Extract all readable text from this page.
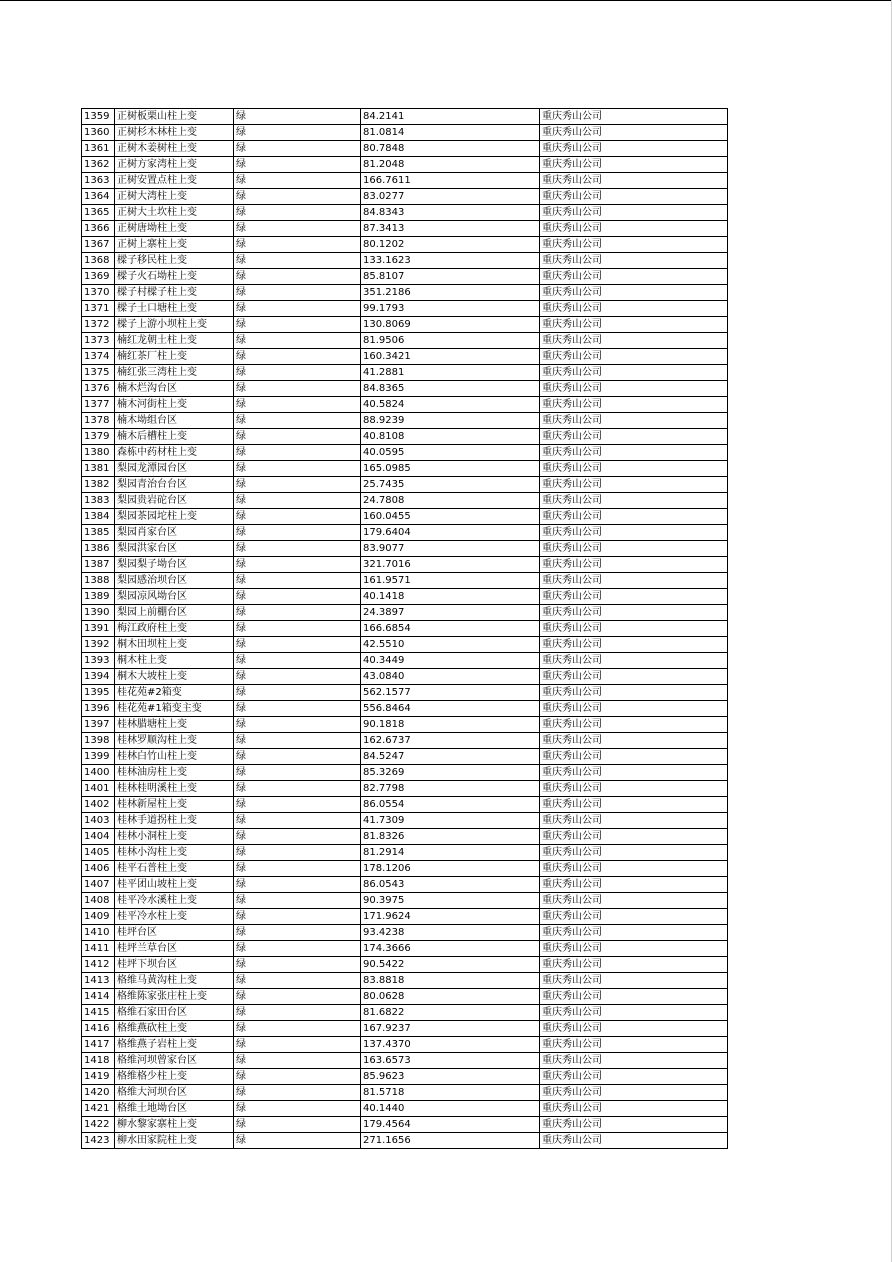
1359	正树板栗山柱上变	绿	84.2141	重庆秀山公司
1360	正树杉木林柱上变	绿	81.0814	重庆秀山公司
1361	正树木姜树柱上变	绿	80.7848	重庆秀山公司
1362	正树方家湾柱上变	绿	81.2048	重庆秀山公司
1363	正树安置点柱上变	绿	166.7611	重庆秀山公司
1364	正树大湾柱上变	绿	83.0277	重庆秀山公司
1365	正树大土坎柱上变	绿	84.8343	重庆秀山公司
1366	正树唐坳柱上变	绿	87.3413	重庆秀山公司
1367	正树上寨柱上变	绿	80.1202	重庆秀山公司
1368	樑子移民柱上变	绿	133.1623	重庆秀山公司
1369	樑子火石坳柱上变	绿	85.8107	重庆秀山公司
1370	樑子村樑子柱上变	绿	351.2186	重庆秀山公司
1371	樑子土口塘柱上变	绿	99.1793	重庆秀山公司
1372	樑子上游小坝柱上变	绿	130.8069	重庆秀山公司
1373	楠红龙朝土柱上变	绿	81.9506	重庆秀山公司
1374	楠红茶厂柱上变	绿	160.3421	重庆秀山公司
1375	楠红张三湾柱上变	绿	41.2881	重庆秀山公司
1376	楠木烂沟台区	绿	84.8365	重庆秀山公司
1377	楠木河街柱上变	绿	40.5824	重庆秀山公司
1378	楠木坳组台区	绿	88.9239	重庆秀山公司
1379	楠木后槽柱上变	绿	40.8108	重庆秀山公司
1380	森栋中药材柱上变	绿	40.0595	重庆秀山公司
1381	梨园龙潭园台区	绿	165.0985	重庆秀山公司
1382	梨园青治台台区	绿	25.7435	重庆秀山公司
1383	梨园贵岩砣台区	绿	24.7808	重庆秀山公司
1384	梨园茶园坨柱上变	绿	160.0455	重庆秀山公司
1385	梨园肖家台区	绿	179.6404	重庆秀山公司
1386	梨园洪家台区	绿	83.9077	重庆秀山公司
1387	梨园梨子坳台区	绿	321.7016	重庆秀山公司
1388	梨园感治坝台区	绿	161.9571	重庆秀山公司
1389	梨园凉风坳台区	绿	40.1418	重庆秀山公司
1390	梨园上前棚台区	绿	24.3897	重庆秀山公司
1391	梅江政府柱上变	绿	166.6854	重庆秀山公司
1392	桐木田坝柱上变	绿	42.5510	重庆秀山公司
1393	桐木柱上变	绿	40.3449	重庆秀山公司
1394	桐木大坡柱上变	绿	43.0840	重庆秀山公司
1395	桂花苑#2箱变	绿	562.1577	重庆秀山公司
1396	桂花苑#1箱变主变	绿	556.8464	重庆秀山公司
1397	桂林腊塘柱上变	绿	90.1818	重庆秀山公司
1398	桂林罗顺沟柱上变	绿	162.6737	重庆秀山公司
1399	桂林白竹山柱上变	绿	84.5247	重庆秀山公司
1400	桂林油房柱上变	绿	85.3269	重庆秀山公司
1401	桂林桂明溪柱上变	绿	82.7798	重庆秀山公司
1402	桂林新屋柱上变	绿	86.0554	重庆秀山公司
1403	桂林手道拐柱上变	绿	41.7309	重庆秀山公司
1404	桂林小洞柱上变	绿	81.8326	重庆秀山公司
1405	桂林小沟柱上变	绿	81.2914	重庆秀山公司
1406	桂平石普柱上变	绿	178.1206	重庆秀山公司
1407	桂平团山坡柱上变	绿	86.0543	重庆秀山公司
1408	桂平冷水溪柱上变	绿	90.3975	重庆秀山公司
1409	桂平冷水柱上变	绿	171.9624	重庆秀山公司
1410	桂坪台区	绿	93.4238	重庆秀山公司
1411	桂坪兰草台区	绿	174.3666	重庆秀山公司
1412	桂坪下坝台区	绿	90.5422	重庆秀山公司
1413	格维马黄沟柱上变	绿	83.8818	重庆秀山公司
1414	格维陈家张庄柱上变	绿	80.0628	重庆秀山公司
1415	格维石家田台区	绿	81.6822	重庆秀山公司
1416	格维燕砍柱上变	绿	167.9237	重庆秀山公司
1417	格维燕子岩柱上变	绿	137.4370	重庆秀山公司
1418	格维河坝曾家台区	绿	163.6573	重庆秀山公司
1419	格维格少柱上变	绿	85.9623	重庆秀山公司
1420	格维大河坝台区	绿	81.5718	重庆秀山公司
1421	格维土地坳台区	绿	40.1440	重庆秀山公司
1422	柳水黎家寨柱上变	绿	179.4564	重庆秀山公司
1423	柳水田家院柱上变	绿	271.1656	重庆秀山公司
